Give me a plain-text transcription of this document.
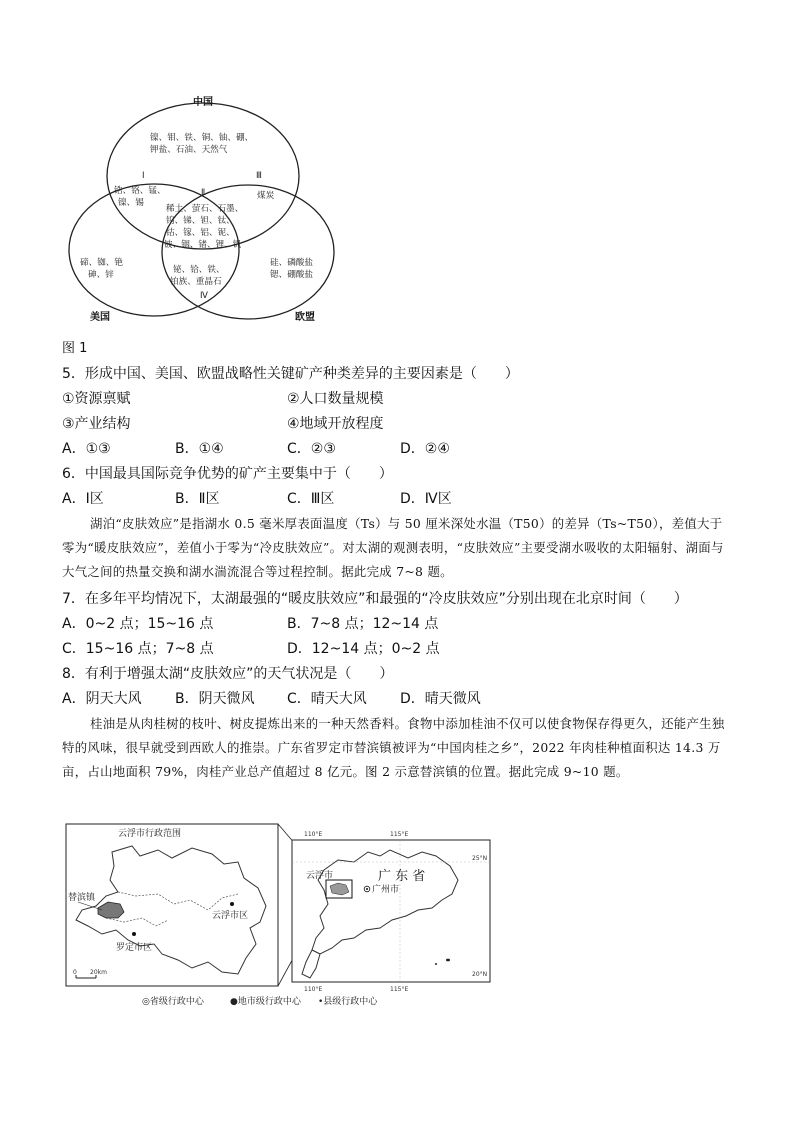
中国
美国	欧盟
镍、钼、铁、铜、铀、硼、
钾盐、石油、天然气
Ⅰ
锆、铬、锰、
镍、锡
Ⅱ
稀土、萤石、石墨、
钨、锑、钽、钛、
钴、镓、铝、铌、
铍、铟、锗、锂、钒
Ⅲ
煤炭
碲、铷、铯
砷、锌	铋、铪、铁、
铂族、重晶石
Ⅳ
硅、磷酸盐
锶、硼酸盐
图 1
5．形成中国、美国、欧盟战略性关键矿产种类差异的主要因素是（　　）
①资源禀赋	②人口数量规模
③产业结构	④地域开放程度
A．①③	B．①④	C．②③	D．②④
6．中国最具国际竞争优势的矿产主要集中于（　　）
A．Ⅰ区	B．Ⅱ区	C．Ⅲ区	D．Ⅳ区
湖泊“皮肤效应”是指湖水 0.5 毫米厚表面温度（Ts）与 50 厘米深处水温（T50）的差异（Ts~T50），差值大于零为“暖皮肤效应”，差值小于零为“冷皮肤效应”。对太湖的观测表明，“皮肤效应”主要受湖水吸收的太阳辐射、湖面与大气之间的热量交换和湖水湍流混合等过程控制。据此完成 7~8 题。
7．在多年平均情况下，太湖最强的“暖皮肤效应”和最强的“冷皮肤效应”分别出现在北京时间（　　）
A．0~2 点；15~16 点	B．7~8 点；12~14 点
C．15~16 点；7~8 点	D．12~14 点；0~2 点
8．有利于增强太湖“皮肤效应”的天气状况是（　　）
A．阴天大风 B．阴天微风 C．晴天大风 D．晴天微风
桂油是从肉桂树的枝叶、树皮提炼出来的一种天然香料。食物中添加桂油不仅可以使食物保存得更久，还能产生独特的风味，很早就受到西欧人的推崇。广东省罗定市替滨镇被评为“中国肉桂之乡”，2022 年肉桂种植面积达 14.3 万亩，占山地面积 79%，肉桂产业总产值超过 8 亿元。图 2 示意替滨镇的位置。据此完成 9~10 题。
云浮市行政范围
替滨镇
云浮市区
罗定市区
0 20km
110°E	115°E
110°E	115°E
25°N
20°N
云浮市	广 东 省
广州市
◎省级行政中心	●地市级行政中心 •县级行政中心
